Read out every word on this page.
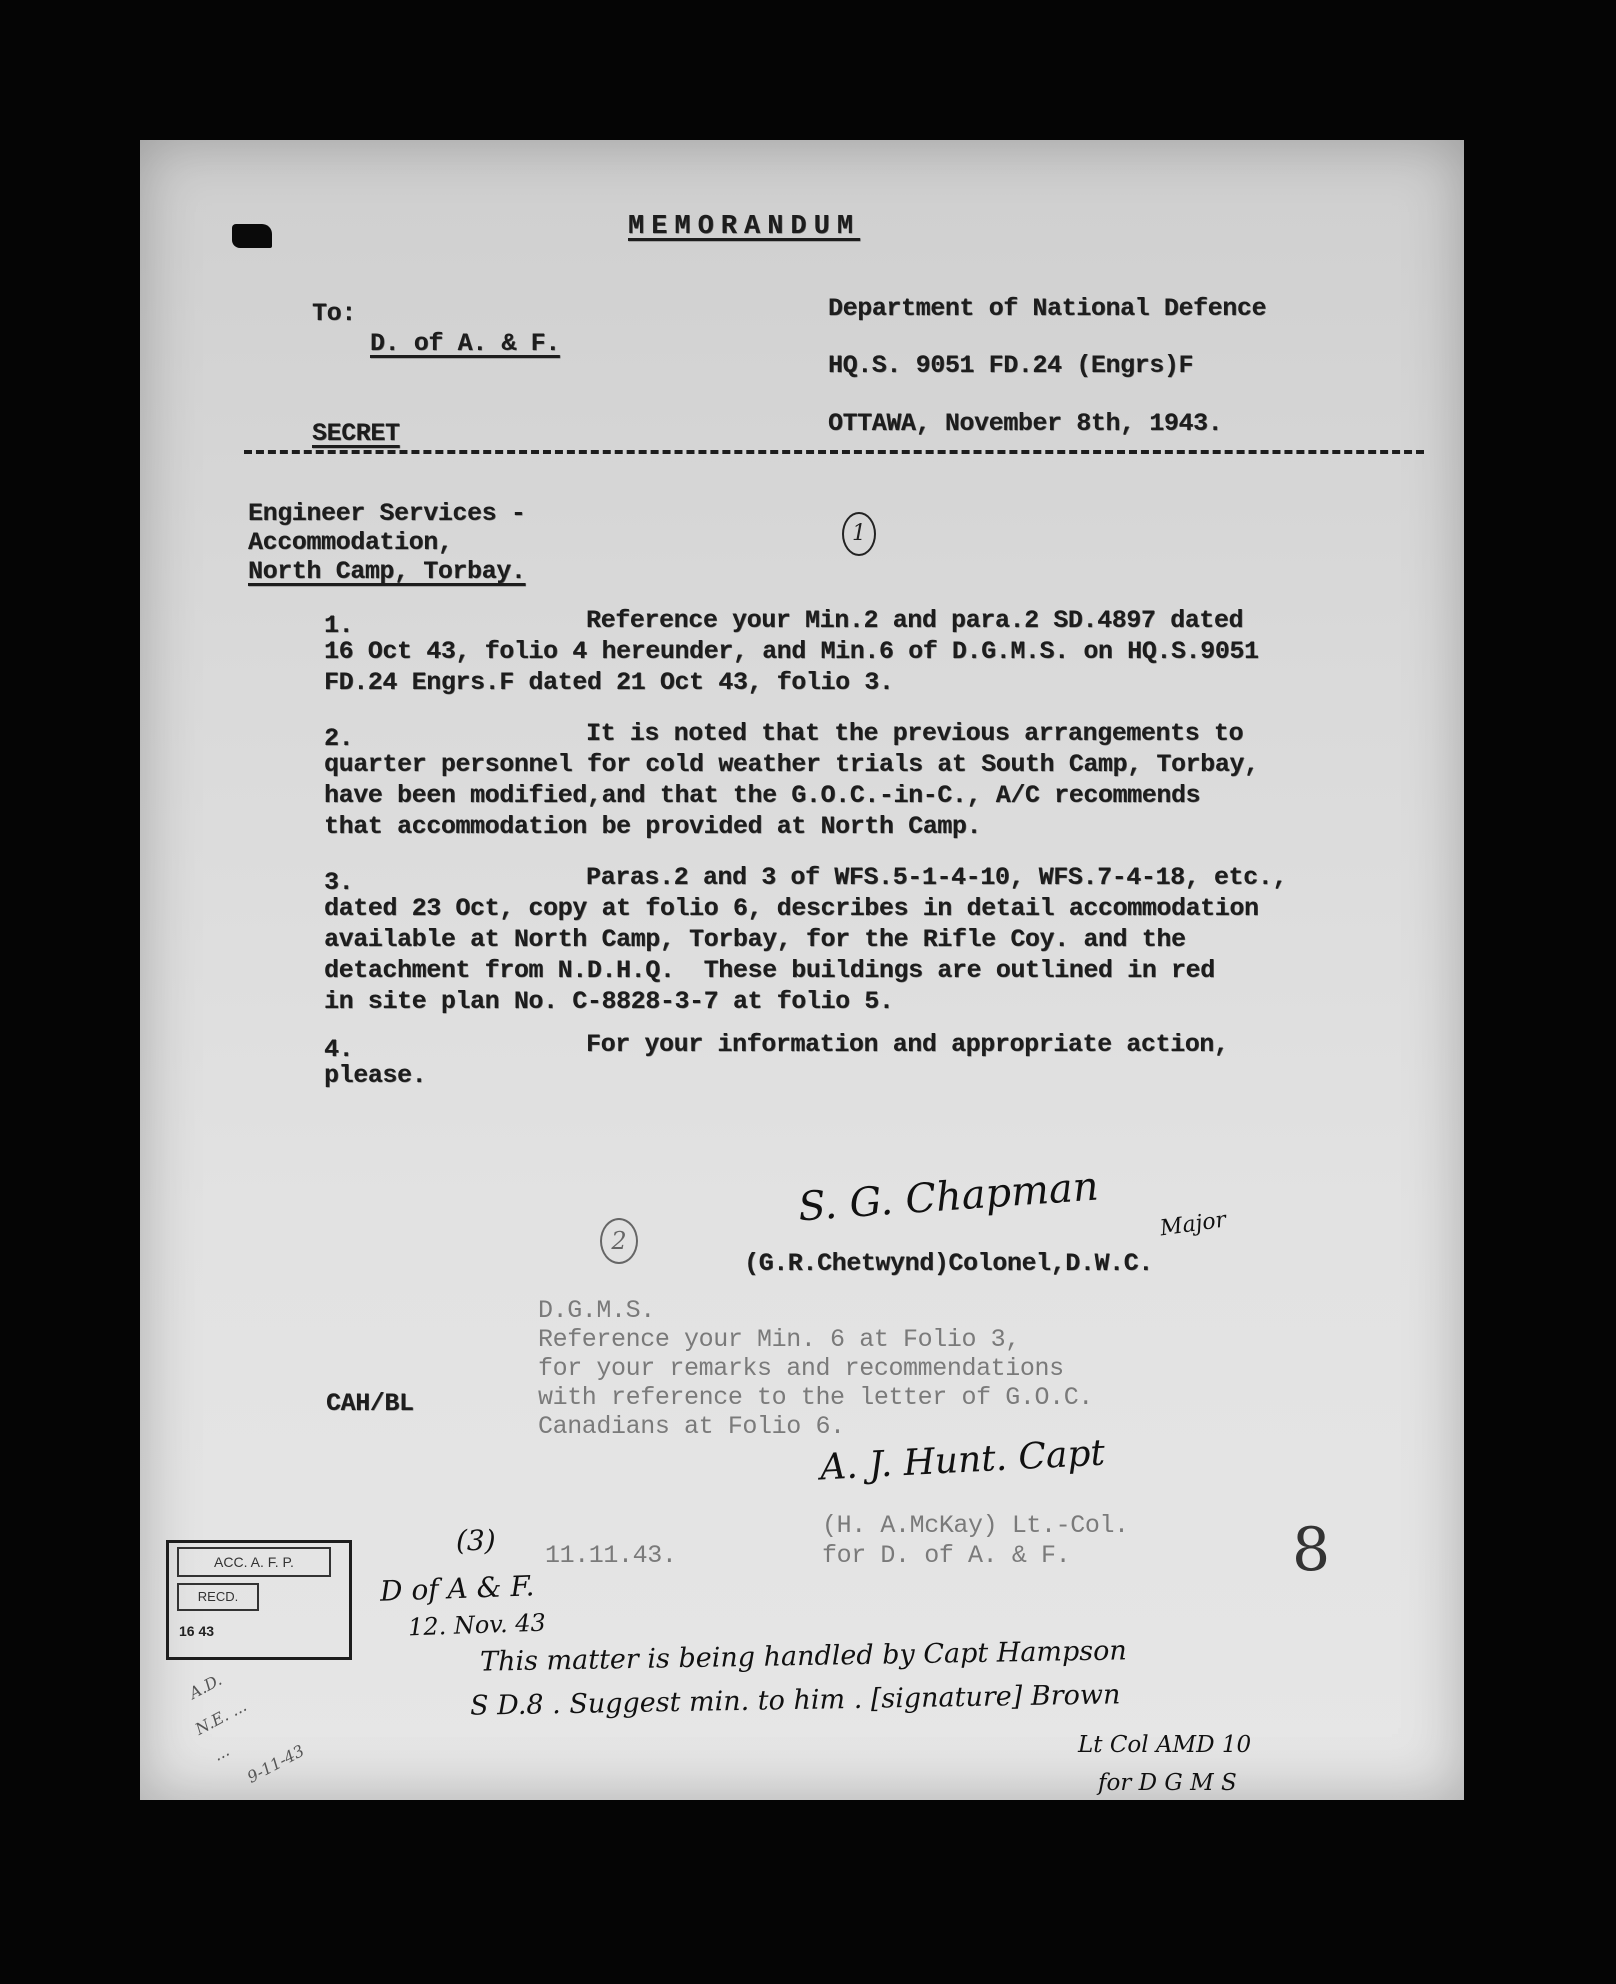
MEMORANDUM
To:
D. of A. & F.
SECRET
Department of National Defence
HQ.S. 9051 FD.24 (Engrs)F
OTTAWA, November 8th, 1943.
Engineer Services -
Accommodation,
North Camp, Torbay.
1
1.	Reference your Min.2 and para.2 SD.4897 dated
16 Oct 43, folio 4 hereunder, and Min.6 of D.G.M.S. on HQ.S.9051
FD.24 Engrs.F dated 21 Oct 43, folio 3.
2.	It is noted that the previous arrangements to
quarter personnel for cold weather trials at South Camp, Torbay,
have been modified,and that the G.O.C.-in-C., A/C recommends
that accommodation be provided at North Camp.
3.	Paras.2 and 3 of WFS.5-1-4-10, WFS.7-4-18, etc.,
dated 23 Oct, copy at folio 6, describes in detail accommodation
available at North Camp, Torbay, for the Rifle Coy. and the
detachment from N.D.H.Q.  These buildings are outlined in red
in site plan No. C-8828-3-7 at folio 5.
4.	For your information and appropriate action,
please.
S. G. Chapman	Major
2
(G.R.Chetwynd)Colonel,D.W.C.
D.G.M.S.
Reference your Min. 6 at Folio 3,
for your remarks and recommendations
with reference to the letter of G.O.C.
Canadians at Folio 6.
CAH/BL
A. J. Hunt. Capt
(H. A.McKay) Lt.-Col.
for D. of A. & F.
11.11.43.
(3)	8
ACC. A. F. P.
RECD.
16 43
D of A & F.
12. Nov. 43
This matter is being handled by Capt Hampson
S D.8 . Suggest min. to him . [signature] Brown
Lt Col AMD 10
for D G M S
A.D.
N.E. ...
... 9-11-43
